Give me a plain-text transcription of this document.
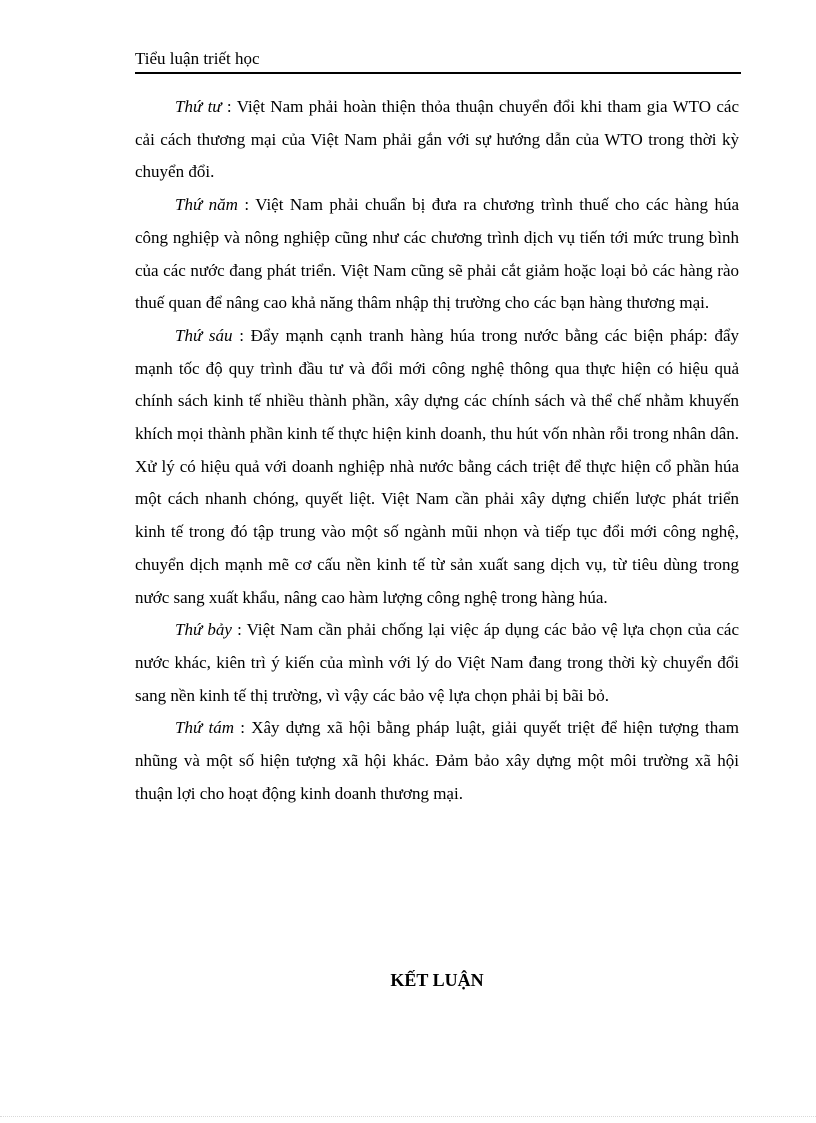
Tiểu luận triết học

Thứ tư : Việt Nam phải hoàn thiện thỏa thuận chuyển đổi khi tham gia WTO các cải cách thương mại của Việt Nam phải gắn với sự hướng dẫn của WTO trong thời kỳ chuyển đổi.

Thứ năm : Việt Nam phải chuẩn bị đưa ra chương trình thuế cho các hàng húa công nghiệp và nông nghiệp cũng như các chương trình dịch vụ tiến tới mức trung bình của các nước đang phát triển. Việt Nam cũng sẽ phải cắt giảm hoặc loại bỏ các hàng rào thuế quan để nâng cao khả năng thâm nhập thị trường cho các bạn hàng thương mại.

Thứ sáu : Đẩy mạnh cạnh tranh hàng húa trong nước bằng các biện pháp: đẩy mạnh tốc độ quy trình đầu tư và đổi mới công nghệ thông qua thực hiện có hiệu quả chính sách kinh tế nhiều thành phần, xây dựng các chính sách và thể chế nhằm khuyến khích mọi thành phần kinh tế thực hiện kinh doanh, thu hút vốn nhàn rỗi trong nhân dân. Xử lý có hiệu quả với doanh nghiệp nhà nước bằng cách triệt để thực hiện cổ phần húa một cách nhanh chóng, quyết liệt. Việt Nam cần phải xây dựng chiến lược phát triển kinh tế trong đó tập trung vào một số ngành mũi nhọn và tiếp tục đổi mới công nghệ, chuyển dịch mạnh mẽ cơ cấu nền kinh tế từ sản xuất sang dịch vụ, từ tiêu dùng trong nước sang xuất khẩu, nâng cao hàm lượng công nghệ trong hàng húa.

Thứ bảy : Việt Nam cần phải chống lại việc áp dụng các bảo vệ lựa chọn của các nước khác, kiên trì ý kiến của mình với lý do Việt Nam đang trong thời kỳ chuyển đổi sang nền kinh tế thị trường, vì vậy các bảo vệ lựa chọn phải bị bãi bỏ.

Thứ tám : Xây dựng xã hội bằng pháp luật, giải quyết triệt để hiện tượng tham nhũng và một số hiện tượng xã hội khác. Đảm bảo xây dựng một môi trường xã hội thuận lợi cho hoạt động kinh doanh thương mại.

KẾT LUẬN
